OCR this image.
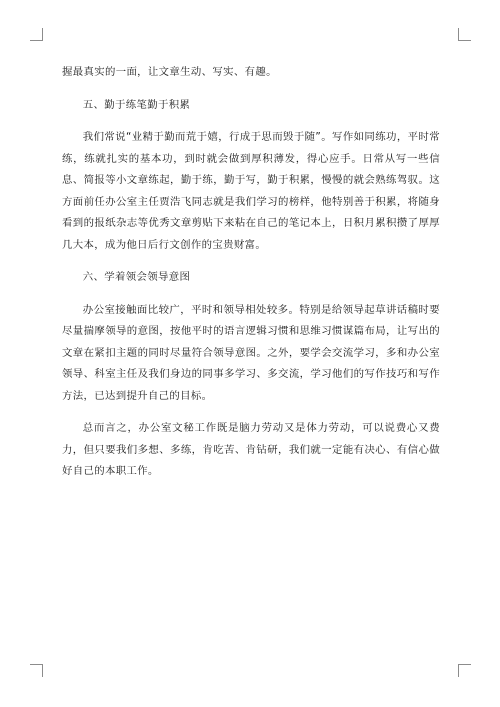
握最真实的一面，让文章生动、写实、有趣。

五、勤于练笔勤于积累

我们常说“业精于勤而荒于嬉，行成于思而毁于随”。写作如同练功，平时常练，练就扎实的基本功，到时就会做到厚积薄发，得心应手。日常从写一些信息、简报等小文章练起，勤于练，勤于写，勤于积累，慢慢的就会熟练驾驭。这方面前任办公室主任贾浩飞同志就是我们学习的榜样，他特别善于积累，将随身看到的报纸杂志等优秀文章剪贴下来粘在自己的笔记本上，日积月累积攒了厚厚几大本，成为他日后行文创作的宝贵财富。

六、学着领会领导意图

办公室接触面比较广，平时和领导相处较多。特别是给领导起草讲话稿时要尽量揣摩领导的意图，按他平时的语言逻辑习惯和思维习惯谋篇布局，让写出的文章在紧扣主题的同时尽量符合领导意图。之外，要学会交流学习，多和办公室领导、科室主任及我们身边的同事多学习、多交流，学习他们的写作技巧和写作方法，已达到提升自己的目标。

总而言之，办公室文秘工作既是脑力劳动又是体力劳动，可以说费心又费力，但只要我们多想、多练，肯吃苦、肯钻研，我们就一定能有决心、有信心做好自己的本职工作。
